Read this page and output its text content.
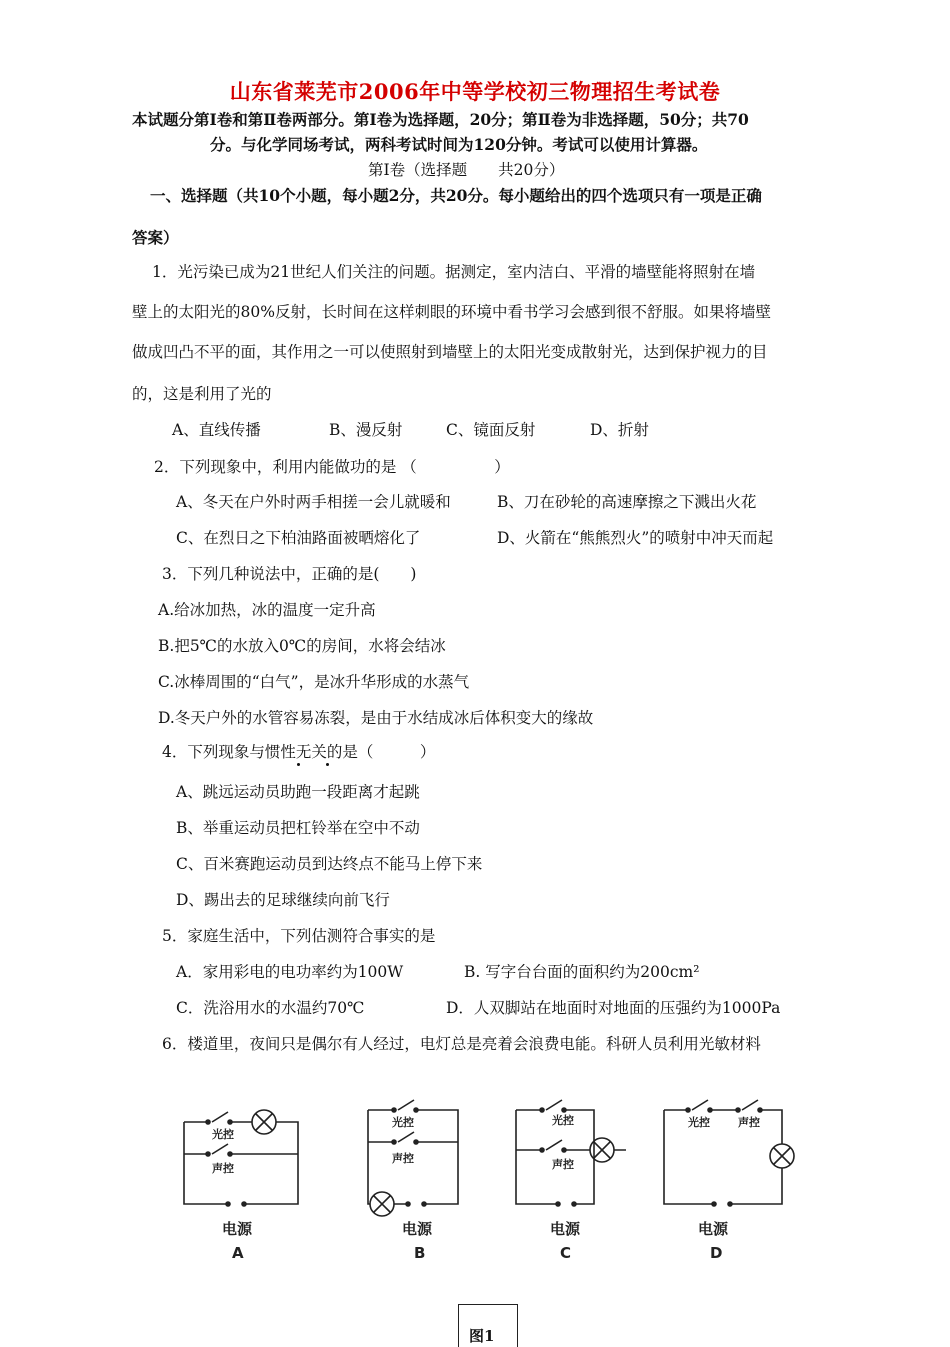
山东省莱芜市2006年中等学校初三物理招生考试卷
本试题分第Ⅰ卷和第Ⅱ卷两部分。第Ⅰ卷为选择题，20分；第Ⅱ卷为非选择题，50分；共70
分。与化学同场考试，两科考试时间为120分钟。考试可以使用计算器。
第Ⅰ卷（选择题　　共20分）
一、选择题（共10个小题，每小题2分，共20分。每小题给出的四个选项只有一项是正确
答案）
1．光污染已成为21世纪人们关注的问题。据测定，室内洁白、平滑的墙壁能将照射在墙
壁上的太阳光的80%反射，长时间在这样刺眼的环境中看书学习会感到很不舒服。如果将墙壁
做成凹凸不平的面，其作用之一可以使照射到墙壁上的太阳光变成散射光，达到保护视力的目
的，这是利用了光的
A、直线传播	B、漫反射	C、镜面反射	D、折射
2．下列现象中，利用内能做功的是 （　　　　　）
A、冬天在户外时两手相搓一会儿就暖和	B、刀在砂轮的高速摩擦之下溅出火花
C、在烈日之下柏油路面被晒熔化了	D、火箭在“熊熊烈火”的喷射中冲天而起
3．下列几种说法中，正确的是(　　)
A.给冰加热，冰的温度一定升高
B.把5℃的水放入0℃的房间，水将会结冰
C.冰棒周围的“白气”，是冰升华形成的水蒸气
D.冬天户外的水管容易冻裂，是由于水结成冰后体积变大的缘故
4．下列现象与惯性无关的是（　　　）
A、跳远运动员助跑一段距离才起跳
B、举重运动员把杠铃举在空中不动
C、百米赛跑运动员到达终点不能马上停下来
D、踢出去的足球继续向前飞行
5．家庭生活中，下列估测符合事实的是
A．家用彩电的电功率约为100W	B. 写字台台面的面积约为200cm²
C．洗浴用水的水温约70℃	D．人双脚站在地面时对地面的压强约为1000Pa
6．楼道里，夜间只是偶尔有人经过，电灯总是亮着会浪费电能。科研人员利用光敏材料
光控
声控
光控
声控
光控
声控
光控	声控
电源	电源	电源	电源
A	B	C	D
图1
